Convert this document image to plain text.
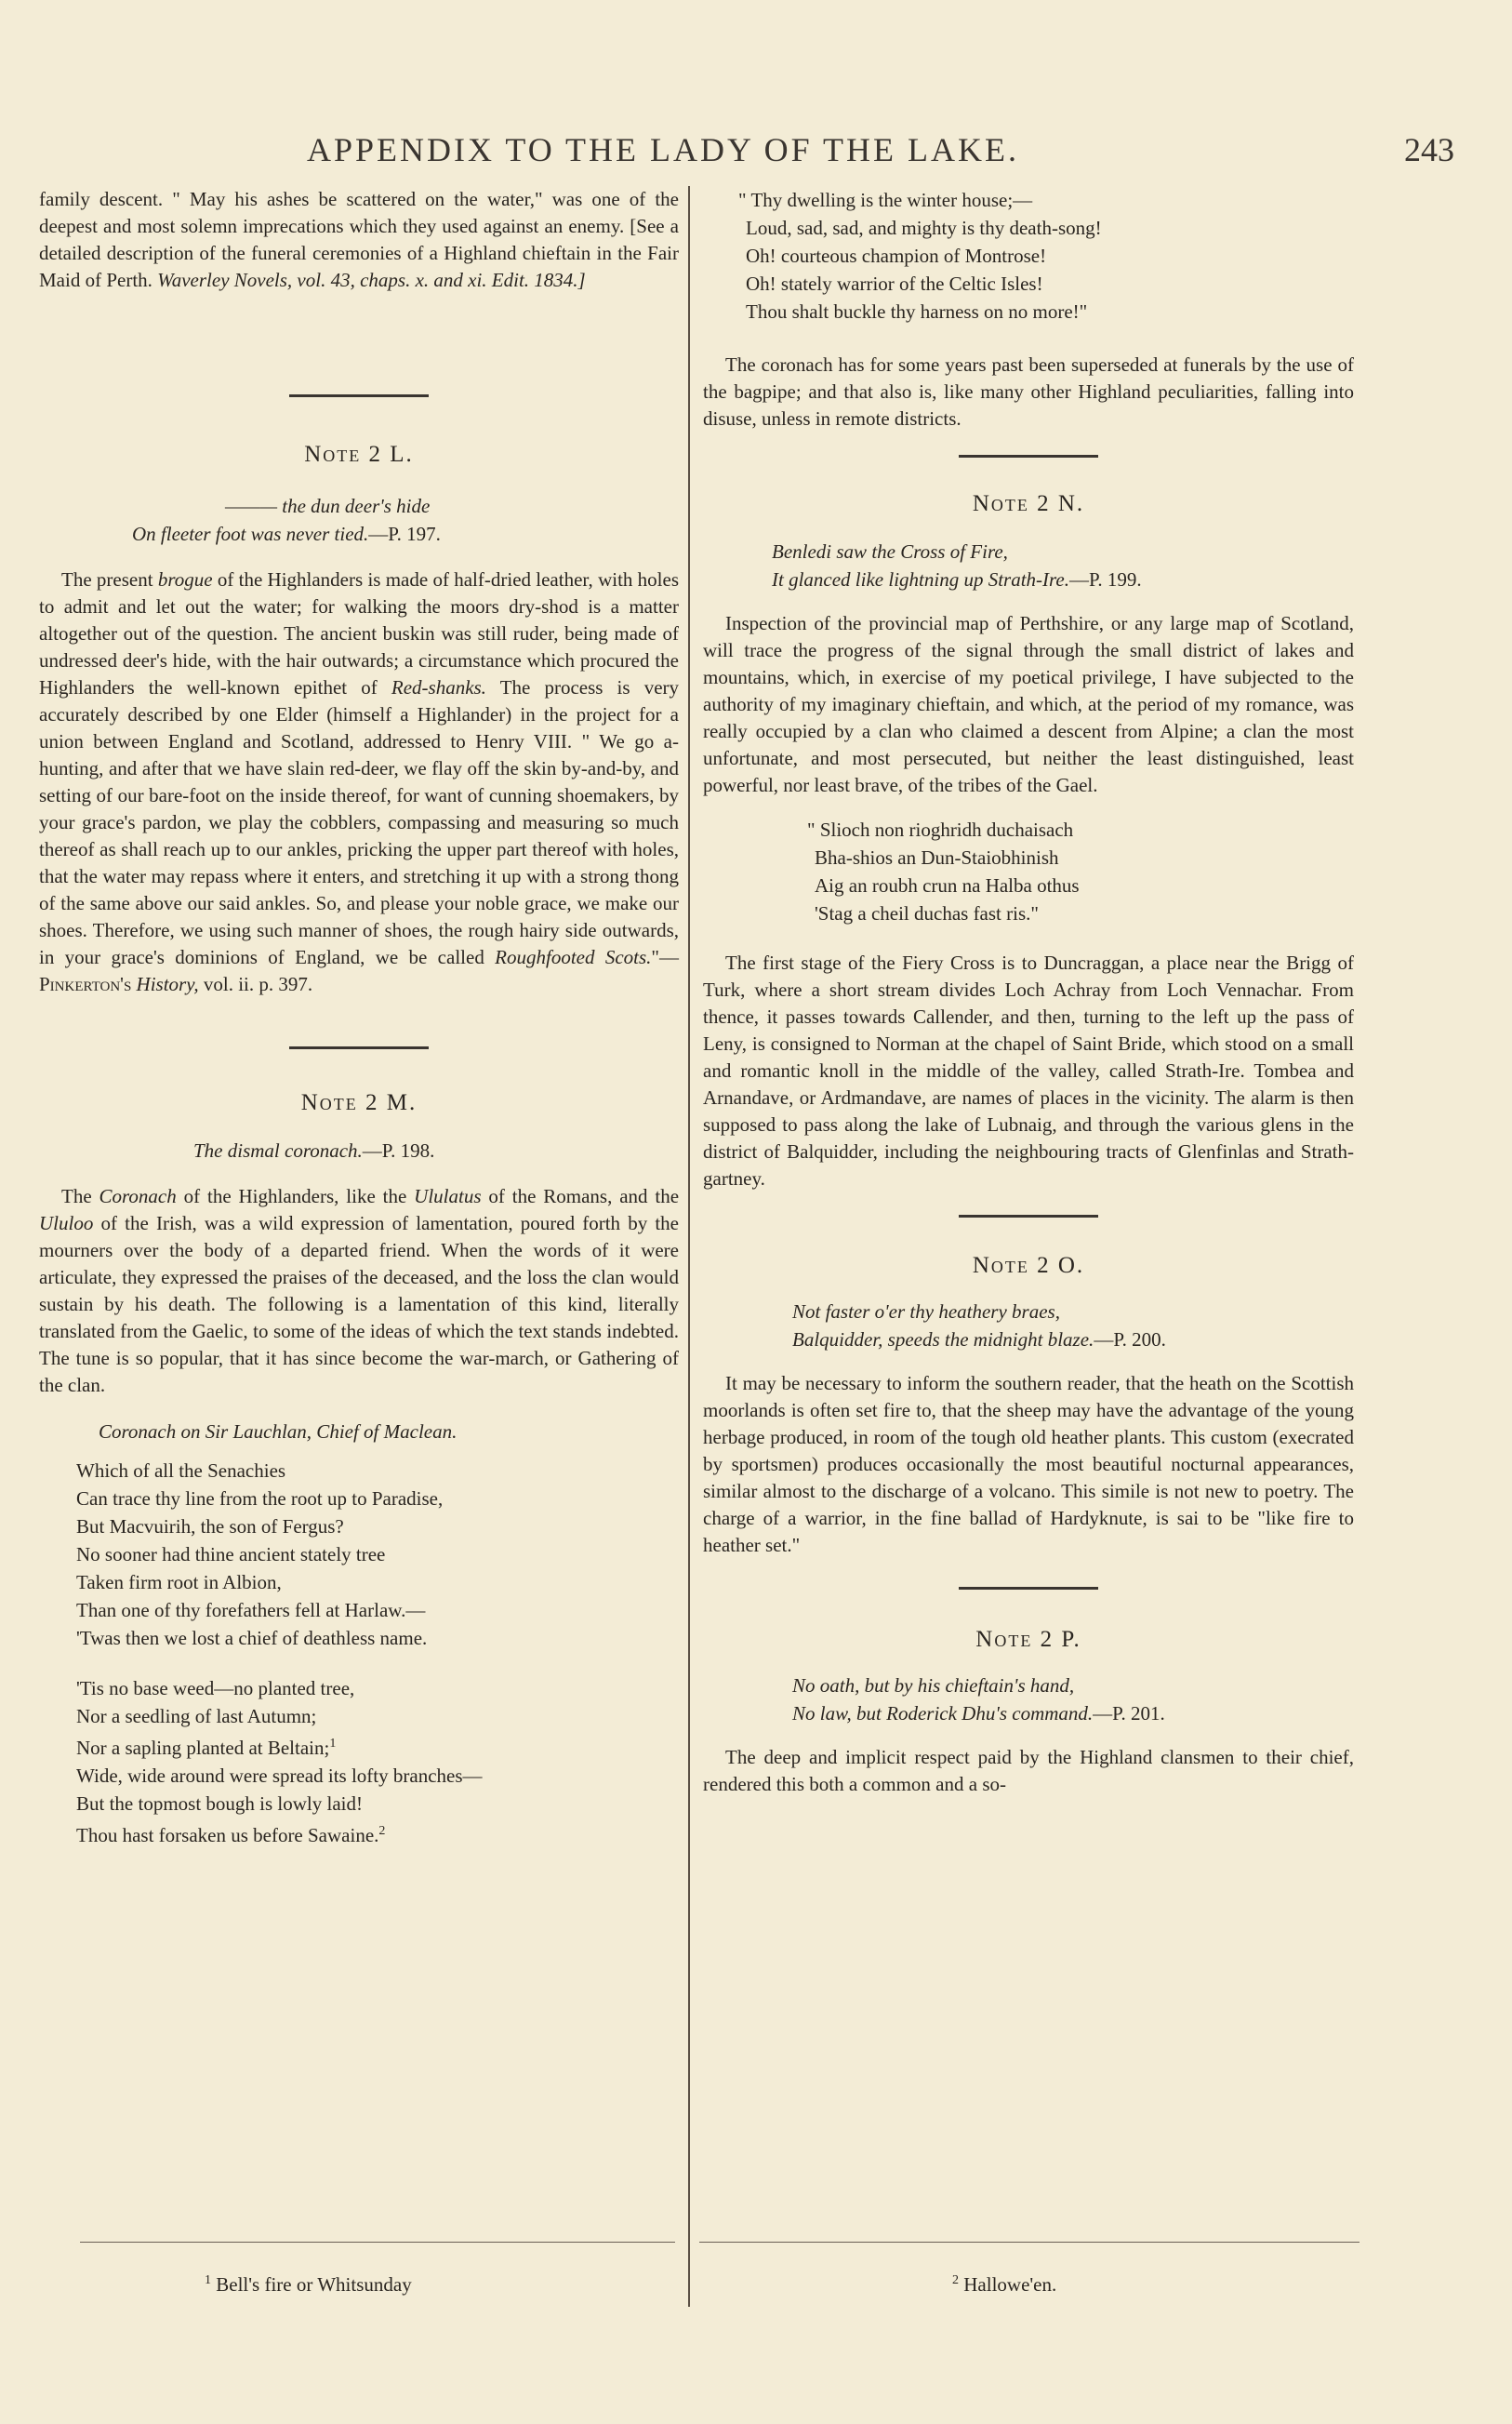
APPENDIX TO THE LADY OF THE LAKE.	243

family descent. " May his ashes be scattered on the water," was one of the deepest and most solemn imprecations which they used against an enemy. [See a detailed description of the funeral ceremonies of a Highland chieftain in the Fair Maid of Perth. Waverley Novels, vol. 43, chaps. x. and xi. Edit. 1834.]

Note 2 L.
——— the dun deer's hide
On fleeter foot was never tied.—P. 197.

The present brogue of the Highlanders is made of half-dried leather, with holes to admit and let out the water; for walking the moors dry-shod is a matter altogether out of the question. The ancient buskin was still ruder, being made of undressed deer's hide, with the hair outwards; a circumstance which procured the Highlanders the well-known epithet of Red-shanks. The process is very accurately described by one Elder (himself a Highlander) in the project for a union between England and Scotland, addressed to Henry VIII. " We go a-hunting, and after that we have slain red-deer, we flay off the skin by-and-by, and setting of our bare-foot on the inside thereof, for want of cunning shoemakers, by your grace's pardon, we play the cobblers, compassing and measuring so much thereof as shall reach up to our ankles, pricking the upper part thereof with holes, that the water may repass where it enters, and stretching it up with a strong thong of the same above our said ankles. So, and please your noble grace, we make our shoes. Therefore, we using such manner of shoes, the rough hairy side outwards, in your grace's dominions of England, we be called Roughfooted Scots."—Pinkerton's History, vol. ii. p. 397.

Note 2 M.
The dismal coronach.—P. 198.

The Coronach of the Highlanders, like the Ululatus of the Romans, and the Ululoo of the Irish, was a wild expression of lamentation, poured forth by the mourners over the body of a departed friend. When the words of it were articulate, they expressed the praises of the deceased, and the loss the clan would sustain by his death. The following is a lamentation of this kind, literally translated from the Gaelic, to some of the ideas of which the text stands indebted. The tune is so popular, that it has since become the war-march, or Gathering of the clan.

Coronach on Sir Lauchlan, Chief of Maclean.
Which of all the Senachies
Can trace thy line from the root up to Paradise,
But Macvuirih, the son of Fergus?
No sooner had thine ancient stately tree
Taken firm root in Albion,
Than one of thy forefathers fell at Harlaw.—
'Twas then we lost a chief of deathless name.
'Tis no base weed—no planted tree,
Nor a seedling of last Autumn;
Nor a sapling planted at Beltain;$^1$
Wide, wide around were spread its lofty branches—
But the topmost bough is lowly laid!
Thou hast forsaken us before Sawaine.$^2$
$^1$ Bell's fire or Whitsunday
" Thy dwelling is the winter house;—
Loud, sad, sad, and mighty is thy death-song!
Oh! courteous champion of Montrose!
Oh! stately warrior of the Celtic Isles!
Thou shalt buckle thy harness on no more!"

The coronach has for some years past been superseded at funerals by the use of the bagpipe; and that also is, like many other Highland peculiarities, falling into disuse, unless in remote districts.

Note 2 N.
Benledi saw the Cross of Fire,
It glanced like lightning up Strath-Ire.—P. 199.

Inspection of the provincial map of Perthshire, or any large map of Scotland, will trace the progress of the signal through the small district of lakes and mountains, which, in exercise of my poetical privilege, I have subjected to the authority of my imaginary chieftain, and which, at the period of my romance, was really occupied by a clan who claimed a descent from Alpine; a clan the most unfortunate, and most persecuted, but neither the least distinguished, least powerful, nor least brave, of the tribes of the Gael.

" Slioch non rioghridh duchaisach
Bha-shios an Dun-Staiobhinish
Aig an roubh crun na Halba othus
'Stag a cheil duchas fast ris."

The first stage of the Fiery Cross is to Duncraggan, a place near the Brigg of Turk, where a short stream divides Loch Achray from Loch Vennachar. From thence, it passes towards Callender, and then, turning to the left up the pass of Leny, is consigned to Norman at the chapel of Saint Bride, which stood on a small and romantic knoll in the middle of the valley, called Strath-Ire. Tombea and Arnandave, or Ardmandave, are names of places in the vicinity. The alarm is then supposed to pass along the lake of Lubnaig, and through the various glens in the district of Balquidder, including the neighbouring tracts of Glenfinlas and Strath-gartney.

Note 2 O.
Not faster o'er thy heathery braes,
Balquidder, speeds the midnight blaze.—P. 200.

It may be necessary to inform the southern reader, that the heath on the Scottish moorlands is often set fire to, that the sheep may have the advantage of the young herbage produced, in room of the tough old heather plants. This custom (execrated by sportsmen) produces occasionally the most beautiful nocturnal appearances, similar almost to the discharge of a volcano. This simile is not new to poetry. The charge of a warrior, in the fine ballad of Hardyknute, is sai to be "like fire to heather set."

Note 2 P.
No oath, but by his chieftain's hand,
No law, but Roderick Dhu's command.—P. 201.

The deep and implicit respect paid by the Highland clansmen to their chief, rendered this both a common and a so-

$^2$ Hallowe'en.
